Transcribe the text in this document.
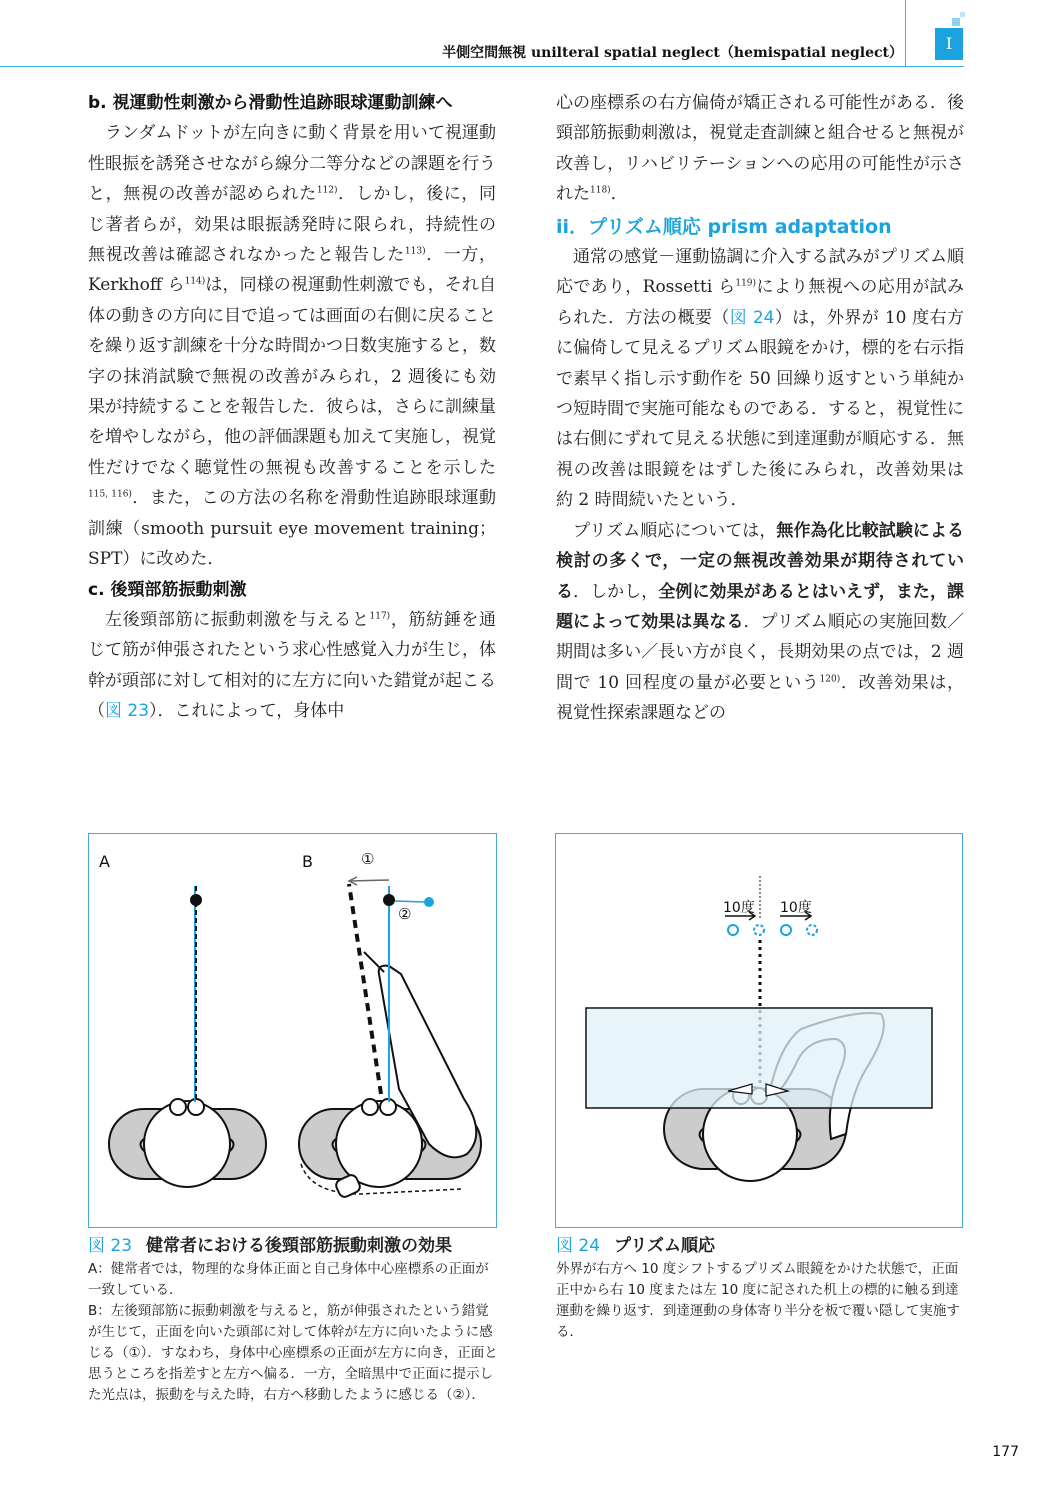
半側空間無視 unilteral spatial neglect（hemispatial neglect）	I
b. 視運動性刺激から滑動性追跡眼球運動訓練へ

ランダムドットが左向きに動く背景を用いて視運動性眼振を誘発させながら線分二等分などの課題を行うと，無視の改善が認められた$^{112)}$．しかし，後に，同じ著者らが，効果は眼振誘発時に限られ，持続性の無視改善は確認されなかったと報告した$^{113)}$．一方，Kerkhoff ら$^{114)}$は，同様の視運動性刺激でも，それ自体の動きの方向に目で追っては画面の右側に戻ることを繰り返す訓練を十分な時間かつ日数実施すると，数字の抹消試験で無視の改善がみられ，2 週後にも効果が持続することを報告した．彼らは，さらに訓練量を増やしながら，他の評価課題も加えて実施し，視覚性だけでなく聴覚性の無視も改善することを示した$^{115, 116)}$．また，この方法の名称を滑動性追跡眼球運動訓練（smooth pursuit eye movement training；SPT）に改めた．

c. 後頸部筋振動刺激

左後頸部筋に振動刺激を与えると$^{117)}$，筋紡錘を通じて筋が伸張されたという求心性感覚入力が生じ，体幹が頭部に対して相対的に左方に向いた錯覚が起こる（図 23）．これによって，身体中

心の座標系の右方偏倚が矯正される可能性がある．後頸部筋振動刺激は，視覚走査訓練と組合せると無視が改善し，リハビリテーションへの応用の可能性が示された$^{118)}$．

ii．プリズム順応 prism adaptation

通常の感覚－運動協調に介入する試みがプリズム順応であり，Rossetti ら$^{119)}$により無視への応用が試みられた．方法の概要（図 24）は，外界が 10 度右方に偏倚して見えるプリズム眼鏡をかけ，標的を右示指で素早く指し示す動作を 50 回繰り返すという単純かつ短時間で実施可能なものである．すると，視覚性には右側にずれて見える状態に到達運動が順応する．無視の改善は眼鏡をはずした後にみられ，改善効果は約 2 時間続いたという．

プリズム順応については，無作為化比較試験による検討の多くで，一定の無視改善効果が期待されている．しかし，全例に効果があるとはいえず，また，課題によって効果は異なる．プリズム順応の実施回数／期間は多い／長い方が良く，長期効果の点では，2 週間で 10 回程度の量が必要という$^{120)}$．改善効果は，視覚性探索課題などの

A	B	①
②	10度 10度
図 23 健常者における後頸部筋振動刺激の効果

A：健常者では，物理的な身体正面と自己身体中心座標系の正面が一致している．

B：左後頸部筋に振動刺激を与えると，筋が伸張されたという錯覚が生じて，正面を向いた頭部に対して体幹が左方に向いたように感じる（①）．すなわち，身体中心座標系の正面が左方に向き，正面と思うところを指差すと左方へ偏る．一方，全暗黒中で正面に提示した光点は，振動を与えた時，右方へ移動したように感じる（②）．

図 24 プリズム順応

外界が右方へ 10 度シフトするプリズム眼鏡をかけた状態で，正面正中から右 10 度または左 10 度に記された机上の標的に触る到達運動を繰り返す．到達運動の身体寄り半分を板で覆い隠して実施する．

177
